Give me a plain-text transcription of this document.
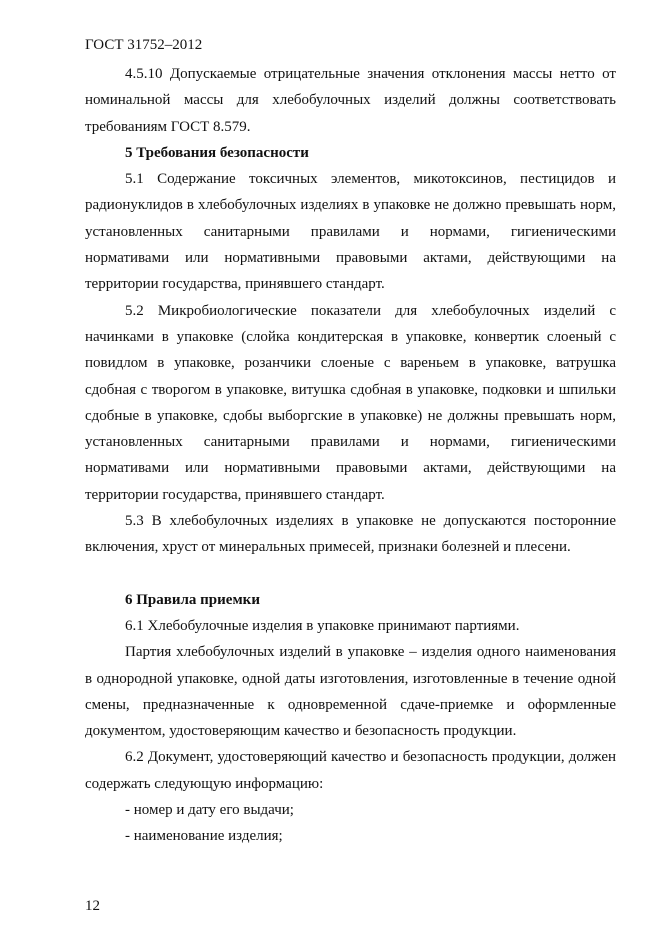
ГОСТ 31752–2012

4.5.10 Допускаемые отрицательные значения отклонения массы нетто от номинальной массы для хлебобулочных изделий должны соответствовать требованиям ГОСТ 8.579.

5 Требования безопасности

5.1 Содержание токсичных элементов, микотоксинов, пестицидов и радионуклидов в хлебобулочных изделиях в упаковке не должно превышать норм, установленных санитарными правилами и нормами, гигиеническими нормативами или нормативными правовыми актами, действующими на территории государства, принявшего стандарт.

5.2 Микробиологические показатели для хлебобулочных изделий с начинками в упаковке (слойка кондитерская в упаковке, конвертик слоеный с повидлом в упаковке, розанчики слоеные с вареньем в упаковке, ватрушка сдобная с творогом в упаковке, витушка сдобная в упаковке, подковки и шпильки сдобные в упаковке, сдобы выборгские в упаковке) не должны превышать норм, установленных санитарными правилами и нормами, гигиеническими нормативами или нормативными правовыми актами, действующими на территории государства, принявшего стандарт.

5.3 В хлебобулочных изделиях в упаковке не допускаются посторонние включения, хруст от минеральных примесей, признаки болезней и плесени.

6 Правила приемки

6.1 Хлебобулочные изделия в упаковке принимают партиями.

Партия хлебобулочных изделий в упаковке – изделия одного наименования в однородной упаковке, одной даты изготовления, изготовленные в течение одной смены, предназначенные к одновременной сдаче-приемке и оформленные документом, удостоверяющим качество и безопасность продукции.

6.2 Документ, удостоверяющий качество и безопасность продукции, должен содержать следующую информацию:

- номер и дату его выдачи;

- наименование изделия;

12
